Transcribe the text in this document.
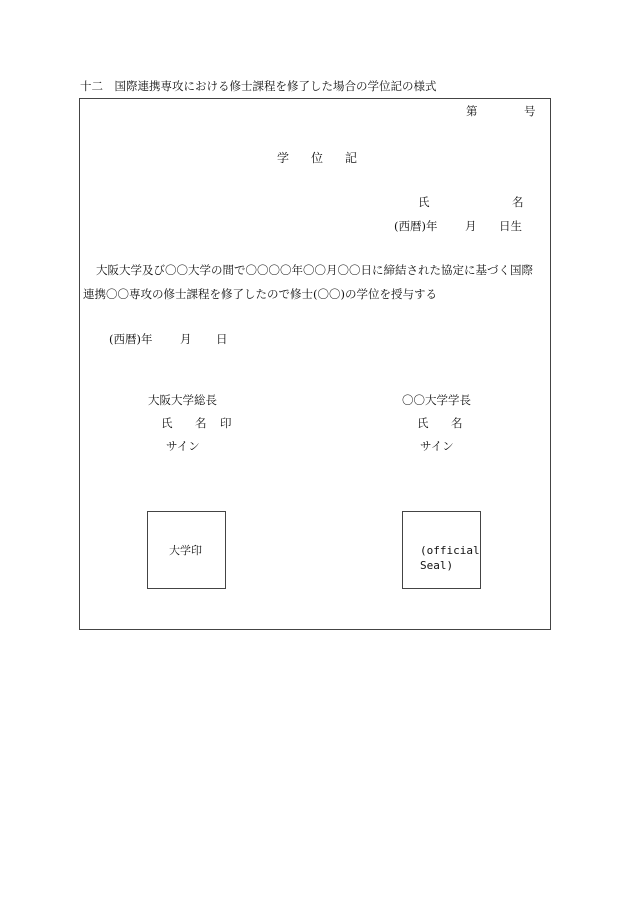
十二　国際連携専攻における修士課程を修了した場合の学位記の様式
第	号
学 位 記
氏	名
(西暦)年 月 日生
大阪大学及び〇〇大学の間で〇〇〇〇年〇〇月〇〇日に締結された協定に基づく国際
連携〇〇専攻の修士課程を修了したので修士(〇〇)の学位を授与する
(西暦)年 月 日
大阪大学総長
氏 名 印
サイン
〇〇大学学長
氏 名
サイン
大学印	(official
Seal)
